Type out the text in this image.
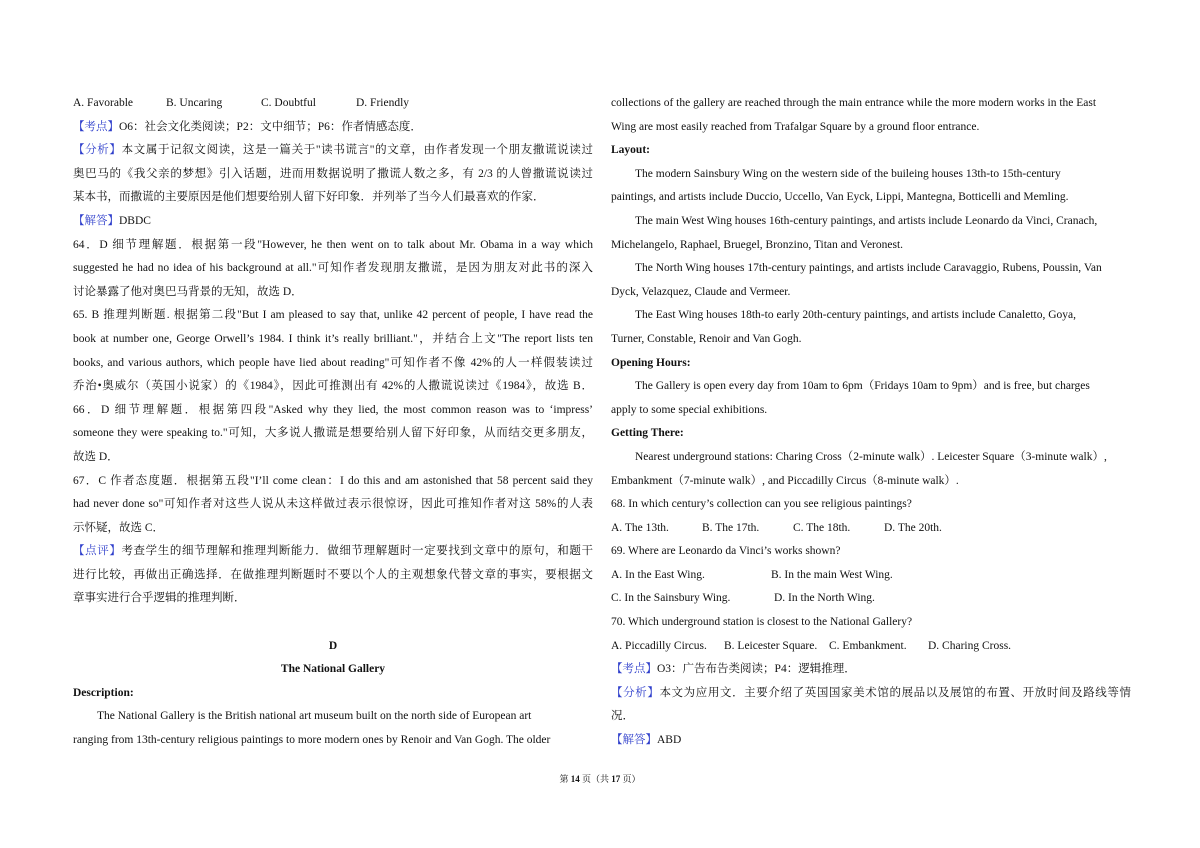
A. Favorable	B. Uncaring	C. Doubtful	D. Friendly
【考点】O6：社会文化类阅读；P2：文中细节；P6：作者情感态度．
【分析】本文属于记叙文阅读，这是一篇关于"读书谎言"的文章，由作者发现一个朋友撒谎说读过
奥巴马的《我父亲的梦想》引入话题，进而用数据说明了撒谎人数之多，有 2/3 的人曾撒谎说读过
某本书，而撒谎的主要原因是他们想要给别人留下好印象．并列举了当今人们最喜欢的作家．
【解答】DBDC
64．D 细节理解题．根据第一段"However, he then went on to talk about Mr. Obama in a way which
suggested he had no idea of his background at all."可知作者发现朋友撒谎，是因为朋友对此书的深入
讨论暴露了他对奥巴马背景的无知，故选 D．
65. B 推理判断题. 根据第二段"But I am pleased to say that, unlike 42 percent of people, I have read the
book at number one, George Orwell’s 1984. I think it’s really brilliant."，并结合上文"The report lists ten
books, and various authors, which people have lied about reading"可知作者不像 42%的人一样假装读过
乔治•奥威尔（英国小说家）的《1984》，因此可推测出有 42%的人撒谎说读过《1984》，故选 B．
66．D 细节理解题．根据第四段"Asked why they lied, the most common reason was to ‘impress’
someone they were speaking to."可知，大多说人撒谎是想要给别人留下好印象，从而结交更多朋友，
故选 D．
67．C 作者态度题．根据第五段"I’ll come clean：I do this and am astonished that 58 percent said they
had never done so"可知作者对这些人说从未这样做过表示很惊讶，因此可推知作者对这 58%的人表
示怀疑，故选 C．
【点评】考查学生的细节理解和推理判断能力．做细节理解题时一定要找到文章中的原句，和题干
进行比较，再做出正确选择．在做推理判断题时不要以个人的主观想象代替文章的事实，要根据文
章事实进行合乎逻辑的推理判断．
D
The National Gallery
Description:
The National Gallery is the British national art museum built on the north side of European art
ranging from 13th-century religious paintings to more modern ones by Renoir and Van Gogh. The older
collections of the gallery are reached through the main entrance while the more modern works in the East
Wing are most easily reached from Trafalgar Square by a ground floor entrance.
Layout:
The modern Sainsbury Wing on the western side of the buileing houses 13th-to 15th-century
paintings, and artists include Duccio, Uccello, Van Eyck, Lippi, Mantegna, Botticelli and Memling.
The main West Wing houses 16th-century paintings, and artists include Leonardo da Vinci, Cranach,
Michelangelo, Raphael, Bruegel, Bronzino, Titan and Veronest.
The North Wing houses 17th-century paintings, and artists include Caravaggio, Rubens, Poussin, Van
Dyck, Velazquez, Claude and Vermeer.
The East Wing houses 18th-to early 20th-century paintings, and artists include Canaletto, Goya,
Turner, Constable, Renoir and Van Gogh.
Opening Hours:
The Gallery is open every day from 10am to 6pm（Fridays 10am to 9pm）and is free, but charges
apply to some special exhibitions.
Getting There:
Nearest underground stations: Charing Cross（2-minute walk）. Leicester Square（3-minute walk）,
Embankment（7-minute walk）, and Piccadilly Circus（8-minute walk）.
68. In which century’s collection can you see religious paintings?
A. The 13th.	B. The 17th.	C. The 18th.	D. The 20th.
69. Where are Leonardo da Vinci’s works shown?
A. In the East Wing.	B. In the main West Wing.
C. In the Sainsbury Wing.	D. In the North Wing.
70. Which underground station is closest to the National Gallery?
A. Piccadilly Circus. B. Leicester Square. C. Embankment. D. Charing Cross.
【考点】O3：广告布告类阅读；P4：逻辑推理．
【分析】本文为应用文．主要介绍了英国国家美术馆的展品以及展馆的布置、开放时间及路线等情
况．
【解答】ABD
第 14 页（共 17 页）
